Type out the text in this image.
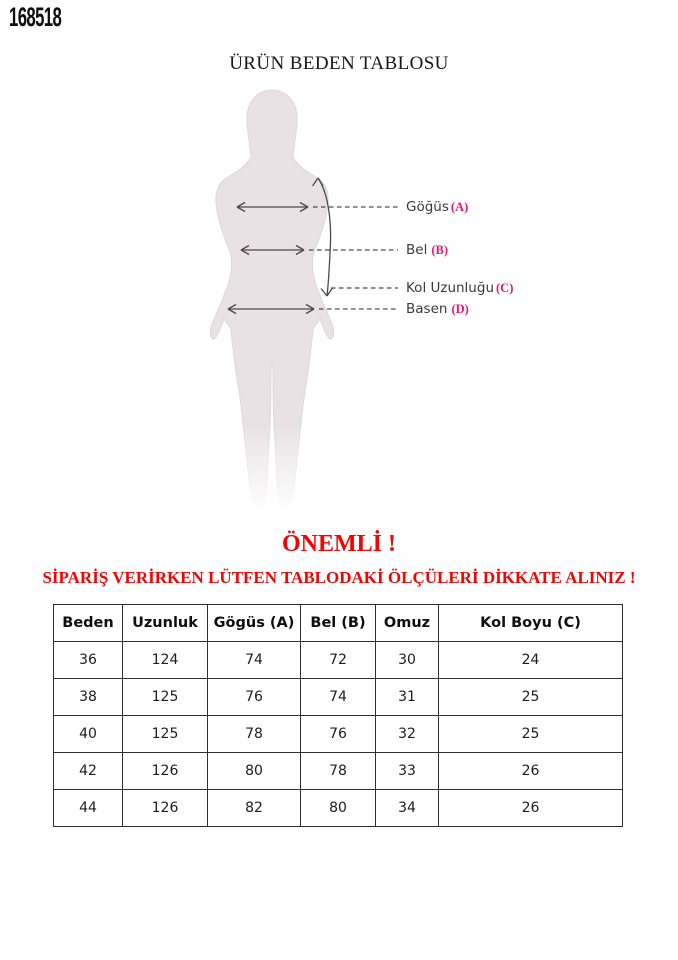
168518
ÜRÜN BEDEN TABLOSU
Göğüs (A)
Bel (B)
Kol Uzunluğu (C)
Basen (D)
ÖNEMLİ !
SİPARİŞ VERİRKEN LÜTFEN TABLODAKİ ÖLÇÜLERİ DİKKATE ALINIZ !
Beden	Uzunluk	Gögüs (A)	Bel (B)	Omuz	Kol Boyu (C)
36	124	74	72	30	24
38	125	76	74	31	25
40	125	78	76	32	25
42	126	80	78	33	26
44	126	82	80	34	26
